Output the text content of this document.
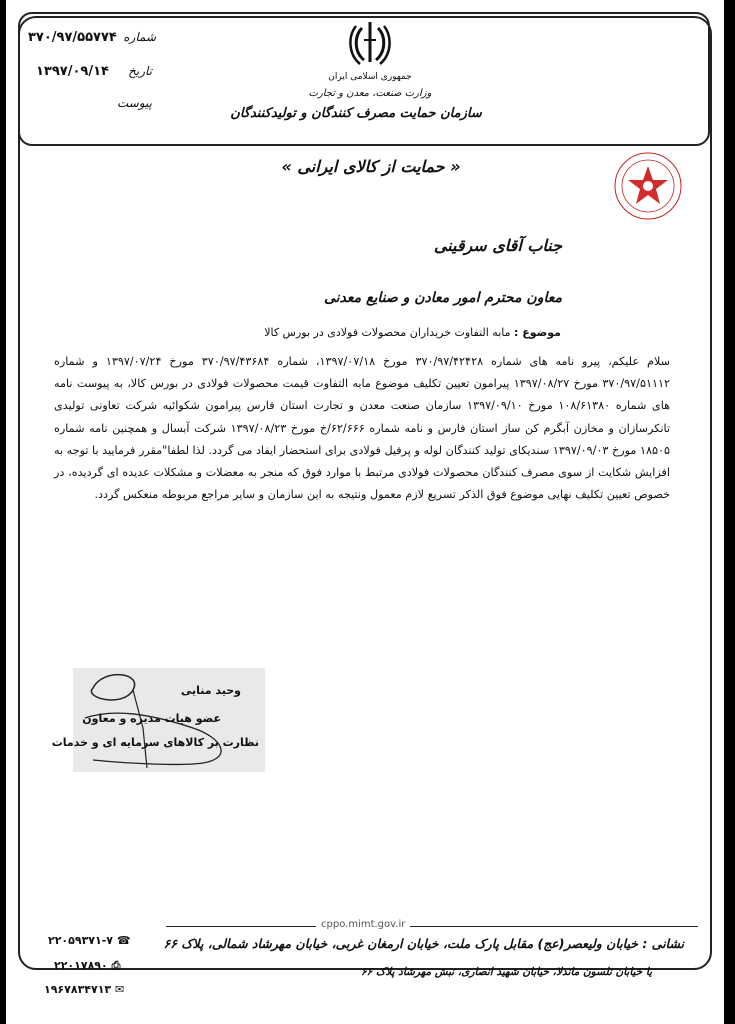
شماره
۳۷۰/۹۷/۵۵۷۷۴
تاریخ
۱۳۹۷/۰۹/۱۴
پیوست
جمهوری اسلامی ایران
وزارت صنعت، معدن و تجارت
سازمان حمایت مصرف کنندگان و تولیدکنندگان
« حمایت از کالای ایرانی »
جناب آقای سرقینی
معاون محترم امور معادن و صنایع معدنی
موضوع : مابه التفاوت خریداران محصولات فولادی در بورس کالا
سلام علیکم، پیرو نامه های شماره ۳۷۰/۹۷/۴۲۴۲۸ مورخ ۱۳۹۷/۰۷/۱۸، شماره ۳۷۰/۹۷/۴۳۶۸۴ مورخ ۱۳۹۷/۰۷/۲۴ و شماره ۳۷۰/۹۷/۵۱۱۱۲ مورخ ۱۳۹۷/۰۸/۲۷ پیرامون تعیین تکلیف موضوع مابه التفاوت قیمت محصولات فولادی در بورس کالا، به پیوست نامه های شماره ۱۰۸/۶۱۳۸۰ مورخ ۱۳۹۷/۰۹/۱۰ سازمان صنعت معدن و تجارت استان فارس پیرامون شکوائیه شرکت تعاونی تولیدی تانکرسازان و مخازن آبگرم کن ساز استان فارس و نامه شماره ۶۲/۶۶۶/خ مورخ ۱۳۹۷/۰۸/۲۳ شرکت آبسال و همچنین نامه شماره ۱۸۵۰۵ مورخ ۱۳۹۷/۰۹/۰۳ سندیکای تولید کنندگان لوله و پرفیل فولادی برای استحضار ایفاد می گردد. لذا لطفا"مقرر فرمایید با توجه به افزایش شکایت از سوی مصرف کنندگان محصولات فولادی مرتبط با موارد فوق که منجر به معضلات و مشکلات عدیده ای گردیده، در خصوص تعیین تکلیف نهایی موضوع فوق الذکر تسریع لازم معمول ونتیجه به این سازمان و سایر مراجع مربوطه منعکس گردد.
وحید منایی
عضو هیات مدیره و معاون
نظارت بر کالاهای سرمایه ای و خدمات
cppo.mimt.gov.ir
۲۲۰۵۹۳۷۱-۷ ☎
۲۲۰۱۷۸۹۰ ⎙
۱۹۶۷۸۳۴۷۱۳ ✉
نشانی : خیابان ولیعصر(عج) مقابل پارک ملت، خیابان ارمغان غربی، خیابان مهرشاد شمالی، پلاک ۶۶
یا خیابان نلسون ماندلا، خیابان شهید انصاری، نبش مهرشاد پلاک ۶۶
